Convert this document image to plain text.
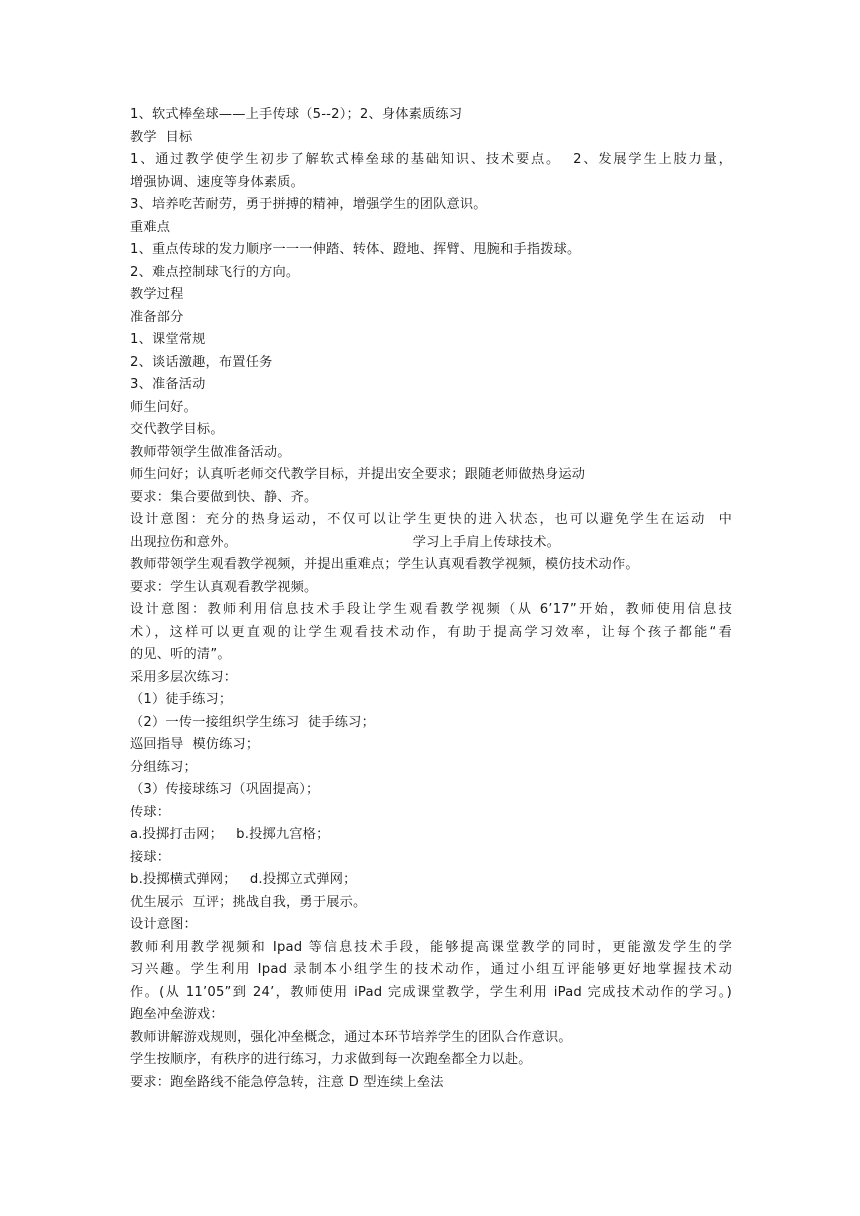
1、软式棒垒球——上手传球（5--2）；2、身体素质练习

教学  目标

1、通过教学使学生初步了解软式棒垒球的基础知识、技术要点。  2、发展学生上肢力量，

增强协调、速度等身体素质。

3、培养吃苦耐劳，勇于拼搏的精神，增强学生的团队意识。

重难点

1、重点传球的发力顺序一一一伸踏、转体、蹬地、挥臂、甩腕和手指拨球。

2、难点控制球飞行的方向。

教学过程

准备部分

1、课堂常规

2、谈话激趣，布置任务

3、准备活动

师生问好。

交代教学目标。

教师带领学生做准备活动。

师生问好；认真听老师交代教学目标，并提出安全要求；跟随老师做热身运动

要求：集合要做到快、静、齐。

设计意图：充分的热身运动，不仅可以让学生更快的进入状态，也可以避免学生在运动  中

出现拉伤和意外。                                        学习上手肩上传球技术。

教师带领学生观看教学视频，并提出重难点；学生认真观看教学视频，模仿技术动作。

要求：学生认真观看教学视频。

设计意图：教师利用信息技术手段让学生观看教学视频（从 6’17”开始，教师使用信息技

术），这样可以更直观的让学生观看技术动作，有助于提高学习效率，让每个孩子都能“看

的见、听的清”。

采用多层次练习：

（1）徒手练习；

（2）一传一接组织学生练习  徒手练习；

巡回指导  模仿练习；

分组练习；

（3）传接球练习（巩固提高）；

传球：

a.投掷打击网；   b.投掷九宫格；

接球：

b.投掷横式弹网；   d.投掷立式弹网；

优生展示  互评；挑战自我，勇于展示。

设计意图：

教师利用教学视频和 Ipad 等信息技术手段，能够提高课堂教学的同时，更能激发学生的学

习兴趣。学生利用 Ipad 录制本小组学生的技术动作，通过小组互评能够更好地掌握技术动

作。(从 11’05”到 24’，教师使用 iPad 完成课堂教学，学生利用 iPad 完成技术动作的学习。)

跑垒冲垒游戏：

教师讲解游戏规则，强化冲垒概念，通过本环节培养学生的团队合作意识。

学生按顺序，有秩序的进行练习，力求做到每一次跑垒都全力以赴。

要求：跑垒路线不能急停急转，注意 D 型连续上垒法
